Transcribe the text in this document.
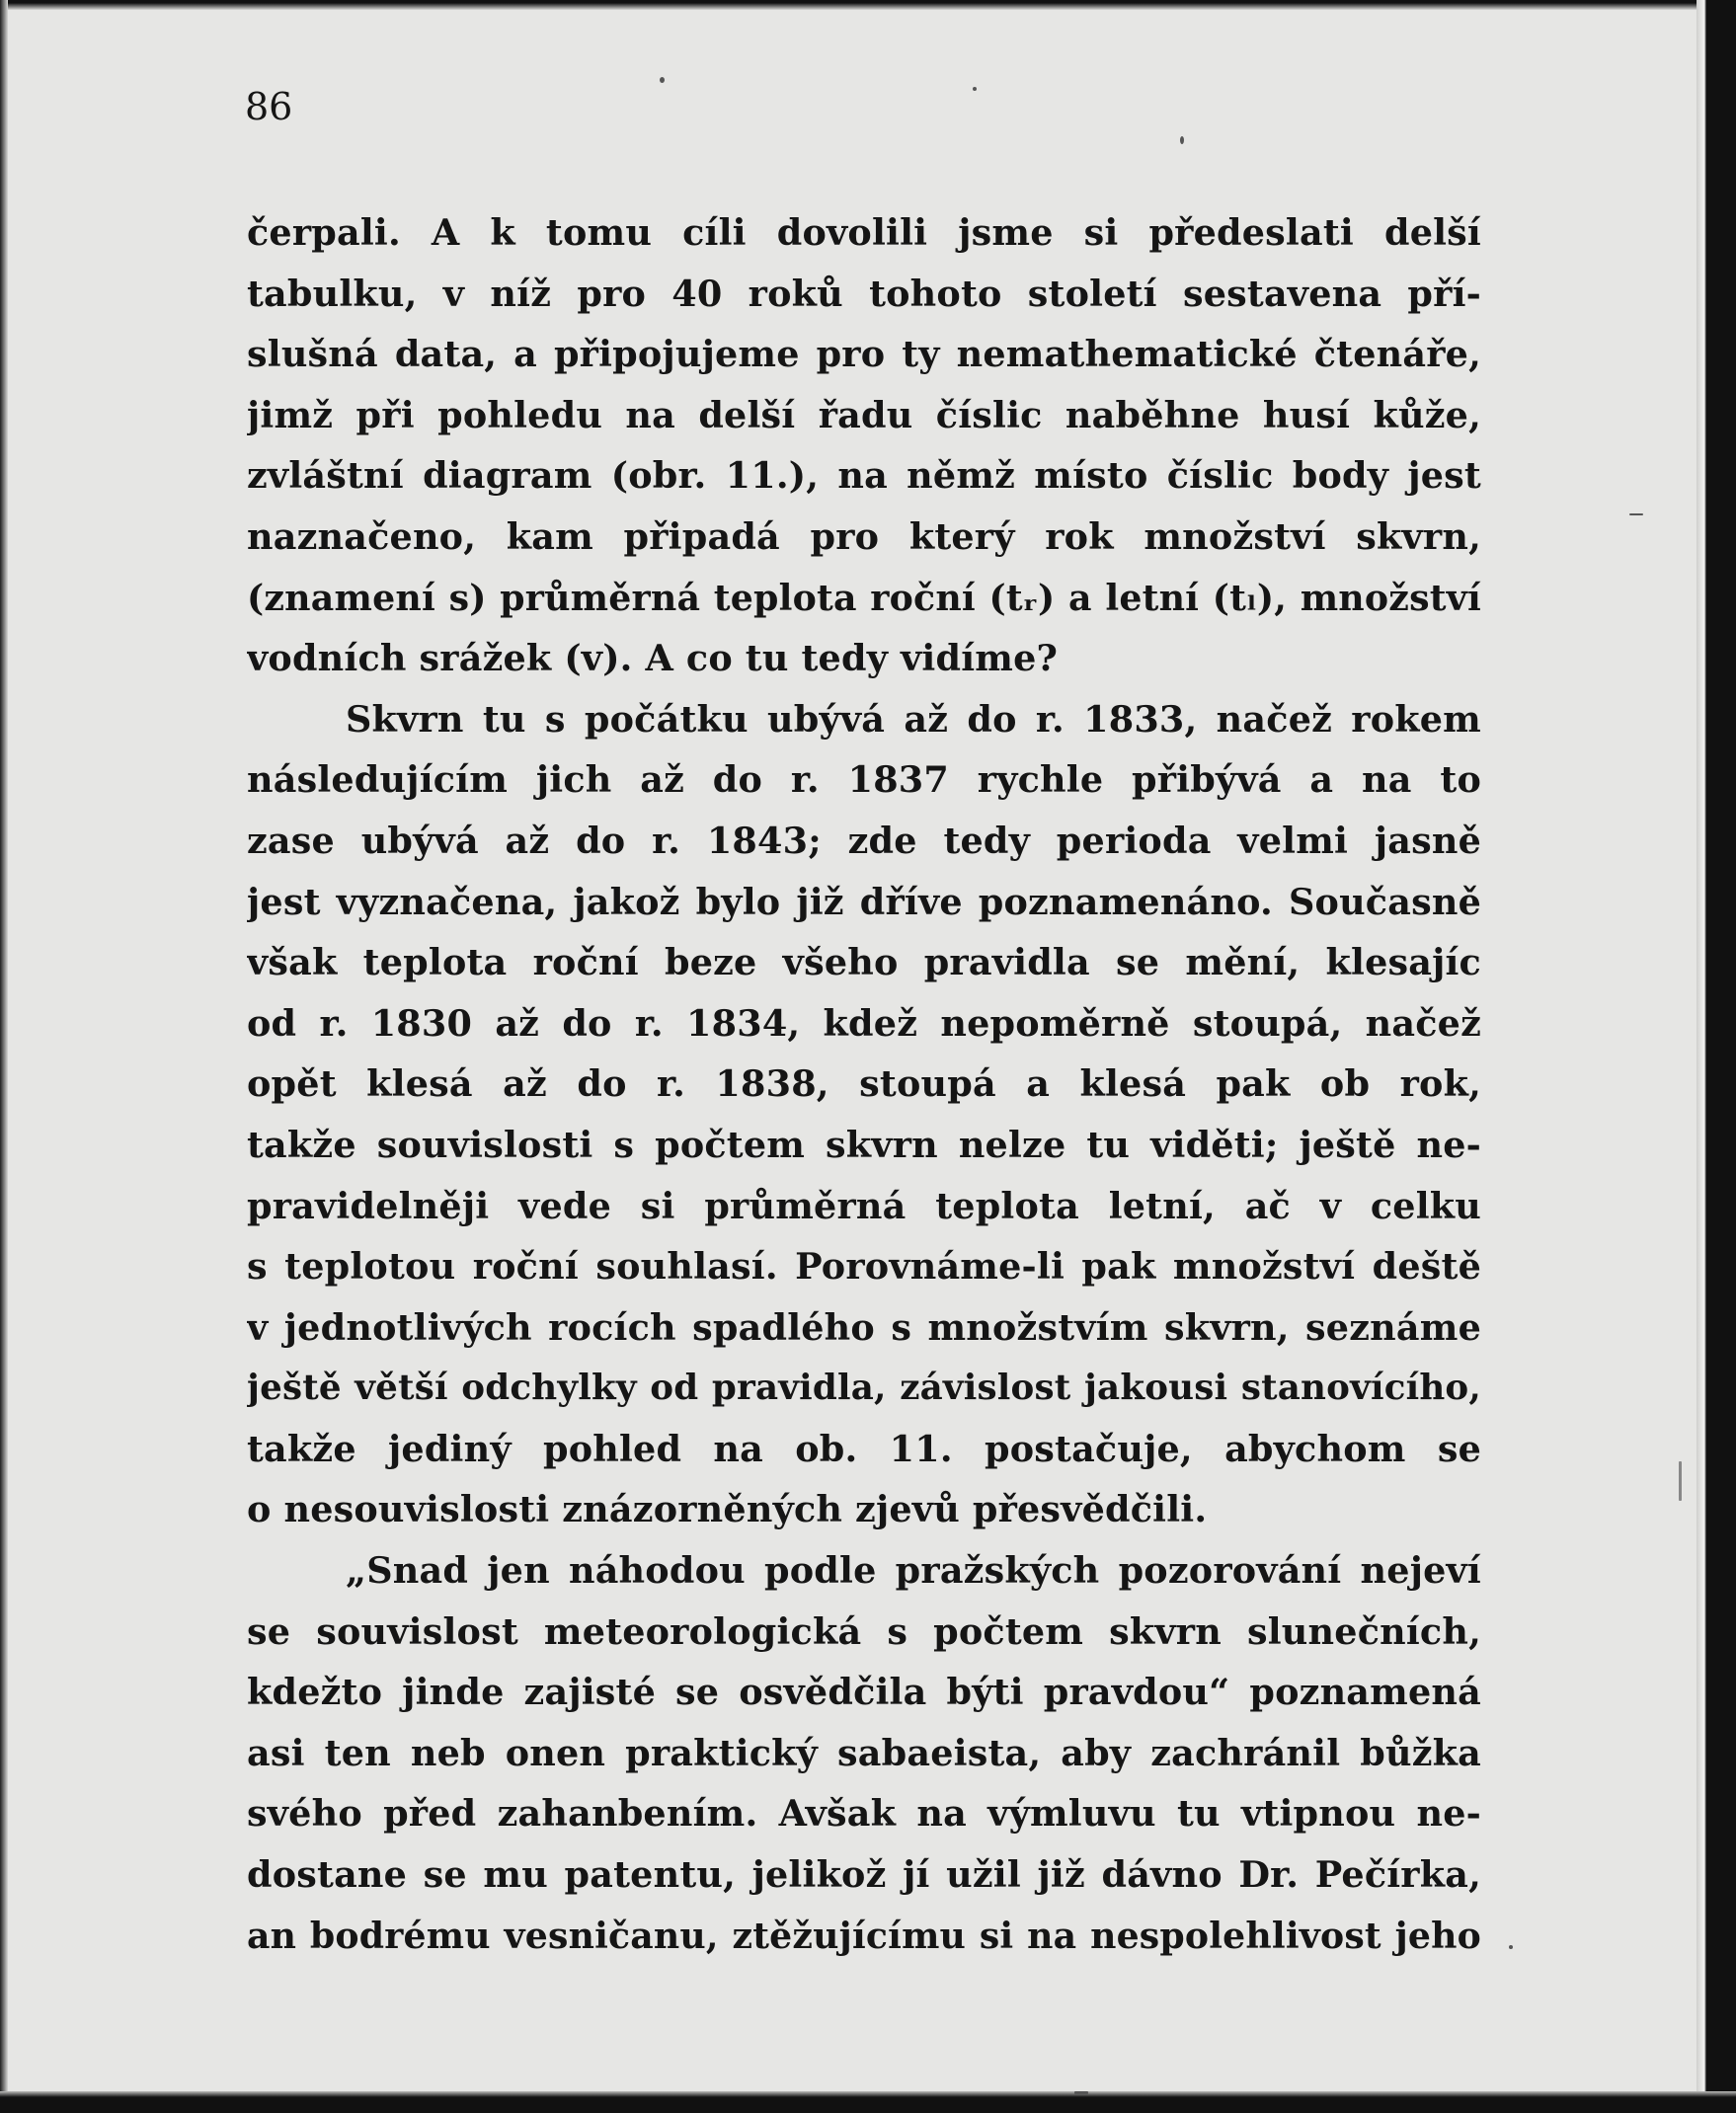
86

čerpali. A k tomu cíli dovolili jsme si předeslati delší
tabulku, v níž pro 40 roků tohoto století sestavena pří-
slušná data, a připojujeme pro ty nemathematické čtenáře,
jimž při pohledu na delší řadu číslic naběhne husí kůže,
zvláštní diagram (obr. 11.), na němž místo číslic body jest
naznačeno, kam připadá pro který rok množství skvrn,
(znamení s) průměrná teplota roční (tᵣ) a letní (tₗ), množství
vodních srážek (v). A co tu tedy vidíme?

Skvrn tu s počátku ubývá až do r. 1833, načež rokem
následujícím jich až do r. 1837 rychle přibývá a na to
zase ubývá až do r. 1843; zde tedy perioda velmi jasně
jest vyznačena, jakož bylo již dříve poznamenáno. Současně
však teplota roční beze všeho pravidla se mění, klesajíc
od r. 1830 až do r. 1834, kdež nepoměrně stoupá, načež
opět klesá až do r. 1838, stoupá a klesá pak ob rok,
takže souvislosti s počtem skvrn nelze tu viděti; ještě ne-
pravidelněji vede si průměrná teplota letní, ač v celku
s teplotou roční souhlasí. Porovnáme-li pak množství deště
v jednotlivých rocích spadlého s množstvím skvrn, seznáme
ještě větší odchylky od pravidla, závislost jakousi stanovícího,
takže jediný pohled na ob. 11. postačuje, abychom se
o nesouvislosti znázorněných zjevů přesvědčili.

„Snad jen náhodou podle pražských pozorování nejeví
se souvislost meteorologická s počtem skvrn slunečních,
kdežto jinde zajisté se osvědčila býti pravdou“ poznamená
asi ten neb onen praktický sabaeista, aby zachránil bůžka
svého před zahanbením. Avšak na výmluvu tu vtipnou ne-
dostane se mu patentu, jelikož jí užil již dávno Dr. Pečírka,
an bodrému vesničanu, ztěžujícímu si na nespolehlivost jeho
